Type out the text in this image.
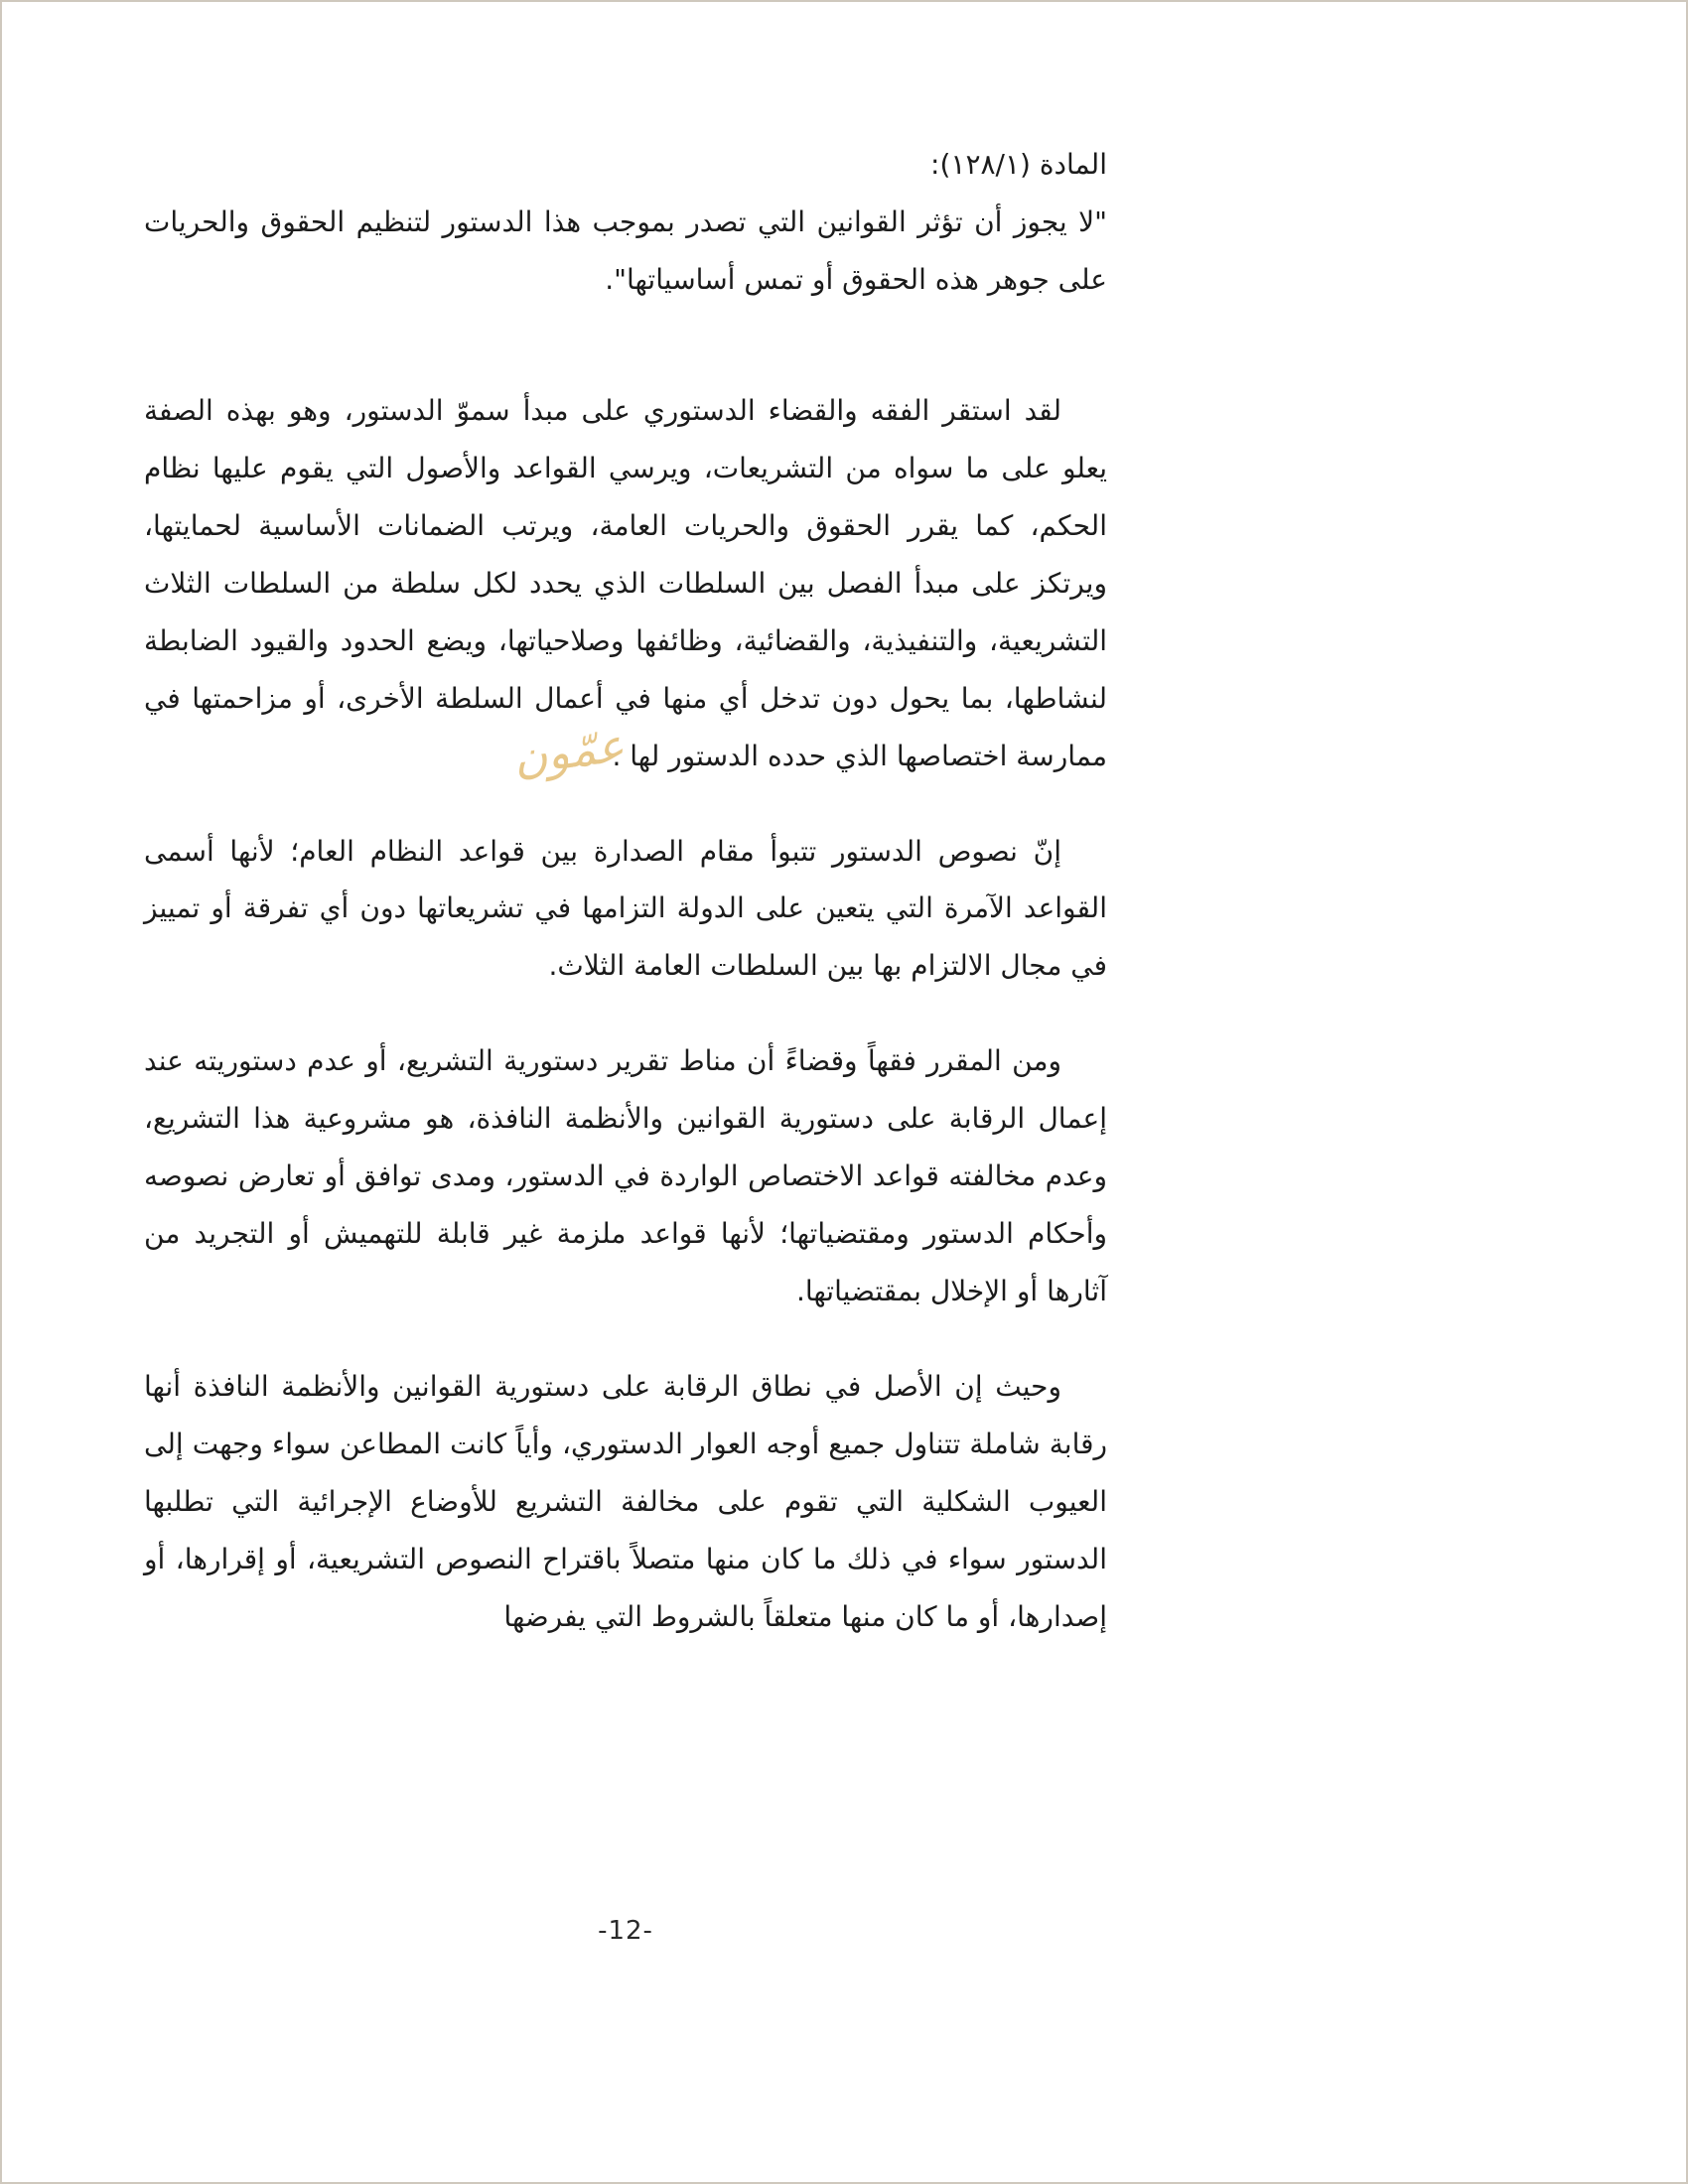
المادة (١٢٨/١):

"لا يجوز أن تؤثر القوانين التي تصدر بموجب هذا الدستور لتنظيم الحقوق والحريات على جوهر هذه الحقوق أو تمس أساسياتها".

لقد استقر الفقه والقضاء الدستوري على مبدأ سموّ الدستور، وهو بهذه الصفة يعلو على ما سواه من التشريعات، ويرسي القواعد والأصول التي يقوم عليها نظام الحكم، كما يقرر الحقوق والحريات العامة، ويرتب الضمانات الأساسية لحمايتها، ويرتكز على مبدأ الفصل بين السلطات الذي يحدد لكل سلطة من السلطات الثلاث التشريعية، والتنفيذية، والقضائية، وظائفها وصلاحياتها، ويضع الحدود والقيود الضابطة لنشاطها، بما يحول دون تدخل أي منها في أعمال السلطة الأخرى، أو مزاحمتها في ممارسة اختصاصها الذي حدده الدستور لها .

إنّ نصوص الدستور تتبوأ مقام الصدارة بين قواعد النظام العام؛ لأنها أسمى القواعد الآمرة التي يتعين على الدولة التزامها في تشريعاتها دون أي تفرقة أو تمييز في مجال الالتزام بها بين السلطات العامة الثلاث.

ومن المقرر فقهاً وقضاءً أن مناط تقرير دستورية التشريع، أو عدم دستوريته عند إعمال الرقابة على دستورية القوانين والأنظمة النافذة، هو مشروعية هذا التشريع، وعدم مخالفته قواعد الاختصاص الواردة في الدستور، ومدى توافق أو تعارض نصوصه وأحكام الدستور ومقتضياتها؛ لأنها قواعد ملزمة غير قابلة للتهميش أو التجريد من آثارها أو الإخلال بمقتضياتها.

وحيث إن الأصل في نطاق الرقابة على دستورية القوانين والأنظمة النافذة أنها رقابة شاملة تتناول جميع أوجه العوار الدستوري، وأياً كانت المطاعن سواء وجهت إلى العيوب الشكلية التي تقوم على مخالفة التشريع للأوضاع الإجرائية التي تطلبها الدستور سواء في ذلك ما كان منها متصلاً باقتراح النصوص التشريعية، أو إقرارها، أو إصدارها، أو ما كان منها متعلقاً بالشروط التي يفرضها

عمّون
-12-
